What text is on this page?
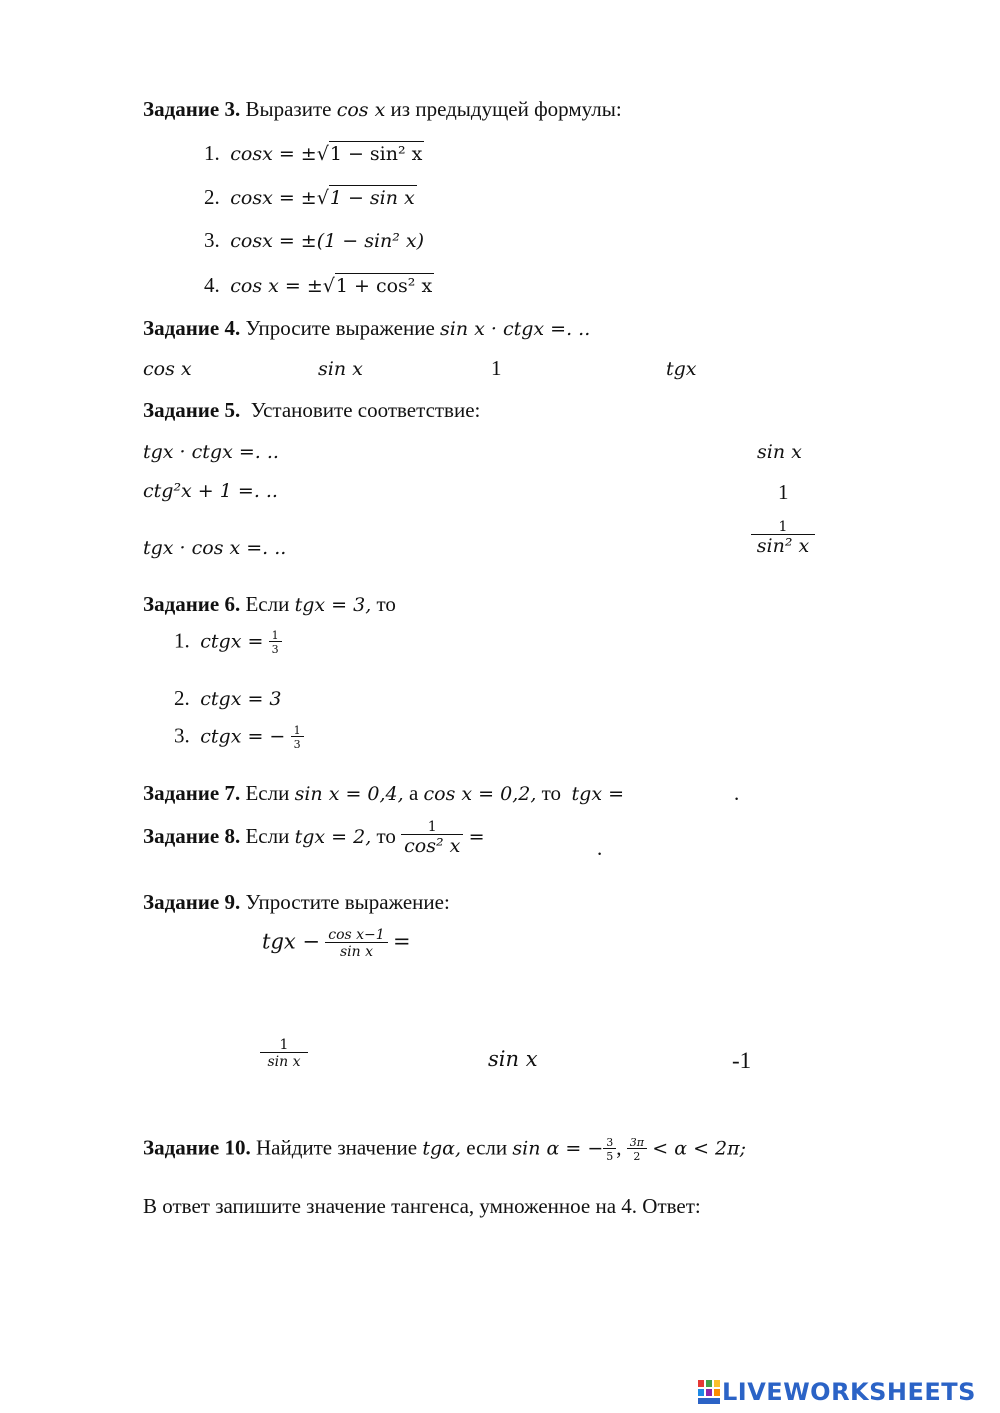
Задание 3. Выразите cos x из предыдущей формулы:
1. cosx = ±√1 − sin² x
2. cosx = ±√1 − sin x
3. cosx = ±(1 − sin² x)
4. cos x = ±√1 + cos² x
Задание 4. Упросите выражение sin x · ctgx =. ..
cos x	sin x	1	tgx
Задание 5. Установите соответствие:
tgx · ctgx =. ..
ctg²x + 1 =. ..
tgx · cos x =. ..
sin x
1
$\frac{1}{\text{sin² x}}$
Задание 6. Если tgx = 3, то
1. ctgx = $\frac{1}{3}$
2. ctgx = 3
3. ctgx = − $\frac{1}{3}$
Задание 7. Если sin x = 0,4, а cos x = 0,2, то tgx =	.
Задание 8. Если tgx = 2, то $\frac{1}{\text{cos² x}}$ =	.
Задание 9. Упростите выражение:
tgx − $\frac{\text{cos x−1}}{\text{sin x}}$ =
$\frac{1}{\text{sin x}}$	sin x	-1
Задание 10. Найдите значение tgα, если sin α = − $\frac{3}{5}$ , $\frac{3\pi}{2} < \alpha < 2\pi$;
В ответ запишите значение тангенса, умноженное на 4. Ответ:
LIVEWORKSHEETS
